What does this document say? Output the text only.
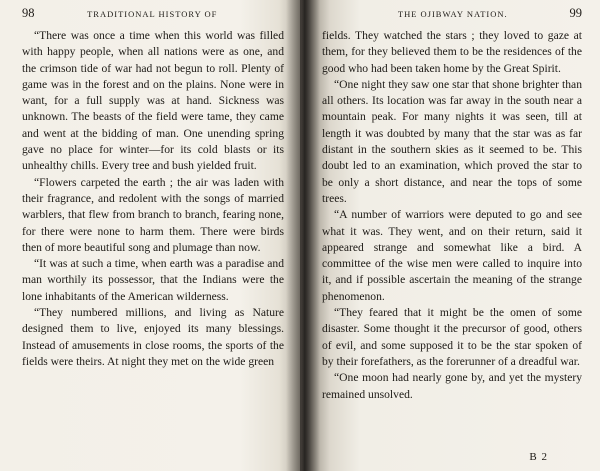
98	TRADITIONAL HISTORY OF

“There was once a time when this world was filled with happy people, when all nations were as one, and the crimson tide of war had not begun to roll. Plenty of game was in the forest and on the plains. None were in want, for a full supply was at hand. Sickness was unknown. The beasts of the field were tame, they came and went at the bidding of man. One unending spring gave no place for winter—for its cold blasts or its unhealthy chills. Every tree and bush yielded fruit.

“Flowers carpeted the earth ; the air was laden with their fragrance, and redolent with the songs of married warblers, that flew from branch to branch, fearing none, for there were none to harm them. There were birds then of more beautiful song and plumage than now.

“It was at such a time, when earth was a paradise and man worthily its possessor, that the Indians were the lone inhabitants of the American wilderness.

“They numbered millions, and living as Nature designed them to live, enjoyed its many blessings. Instead of amusements in close rooms, the sports of the fields were theirs. At night they met on the wide green

THE OJIBWAY NATION.	99

fields. They watched the stars ; they loved to gaze at them, for they believed them to be the residences of the good who had been taken home by the Great Spirit.

“One night they saw one star that shone brighter than all others. Its location was far away in the south near a mountain peak. For many nights it was seen, till at length it was doubted by many that the star was as far distant in the southern skies as it seemed to be. This doubt led to an examination, which proved the star to be only a short distance, and near the tops of some trees.

“A number of warriors were deputed to go and see what it was. They went, and on their return, said it appeared strange and somewhat like a bird. A committee of the wise men were called to inquire into it, and if possible ascertain the meaning of the strange phenomenon.

“They feared that it might be the omen of some disaster. Some thought it the precursor of good, others of evil, and some supposed it to be the star spoken of by their forefathers, as the forerunner of a dreadful war.

“One moon had nearly gone by, and yet the mystery remained unsolved.

B 2
